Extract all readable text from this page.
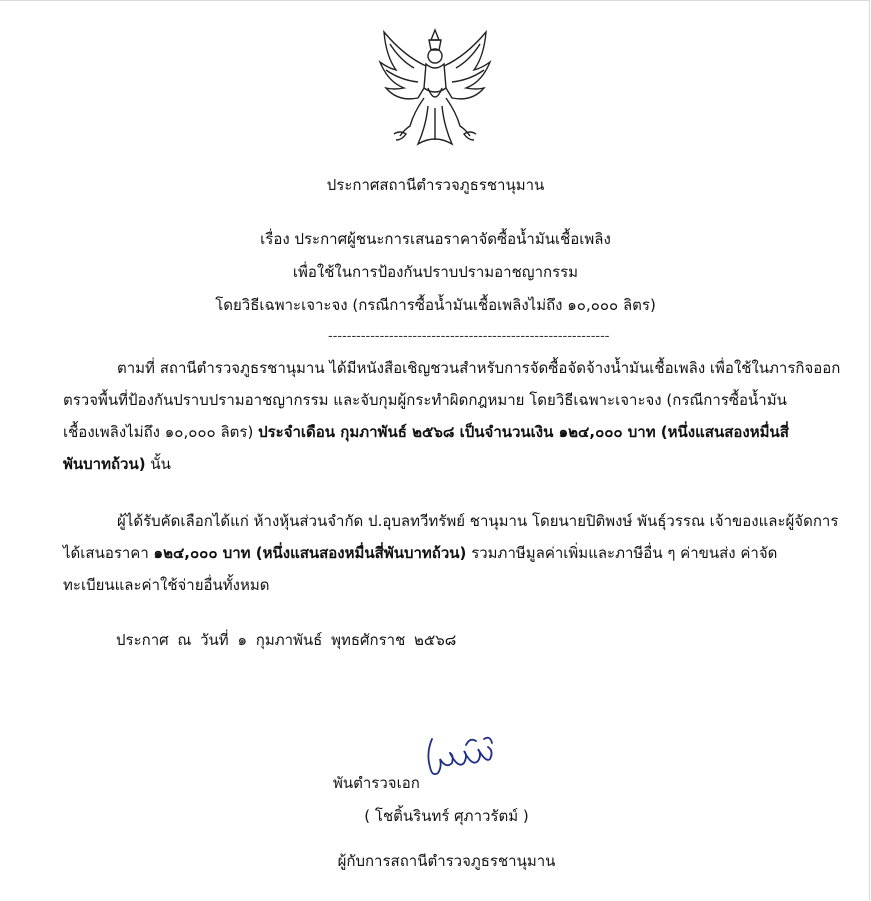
ประกาศสถานีตำรวจภูธรชานุมาน
เรื่อง ประกาศผู้ชนะการเสนอราคาจัดซื้อน้ำมันเชื้อเพลิง
เพื่อใช้ในการป้องกันปราบปรามอาชญากรรม
โดยวิธีเฉพาะเจาะจง (กรณีการซื้อน้ำมันเชื้อเพลิงไม่ถึง ๑๐,๐๐๐ ลิตร)
------------------------------------------------------------
ตามที่ สถานีตำรวจภูธรชานุมาน ได้มีหนังสือเชิญชวนสำหรับการจัดซื้อจัดจ้างน้ำมันเชื้อเพลิง เพื่อใช้ในภารกิจออก
ตรวจพื้นที่ป้องกันปราบปรามอาชญากรรม และจับกุมผู้กระทำผิดกฎหมาย โดยวิธีเฉพาะเจาะจง (กรณีการซื้อน้ำมัน
เชื้องเพลิงไม่ถึง ๑๐,๐๐๐ ลิตร) ประจำเดือน กุมภาพันธ์ ๒๕๖๘ เป็นจำนวนเงิน ๑๒๔,๐๐๐ บาท (หนึ่งแสนสองหมื่นสี่
พันบาทถ้วน) นั้น
ผู้ได้รับคัดเลือกได้แก่ ห้างหุ้นส่วนจำกัด ป.อุบลทวีทรัพย์ ชานุมาน โดยนายปิติพงษ์ พันธุ์วรรณ เจ้าของและผู้จัดการ
ได้เสนอราคา ๑๒๔,๐๐๐ บาท (หนึ่งแสนสองหมื่นสี่พันบาทถ้วน) รวมภาษีมูลค่าเพิ่มและภาษีอื่น ๆ ค่าขนส่ง ค่าจัด
ทะเบียนและค่าใช้จ่ายอื่นทั้งหมด
ประกาศ ณ วันที่ ๑ กุมภาพันธ์ พุทธศักราช ๒๕๖๘
พันตำรวจเอก
( โชติ้นรินทร์ ศุภาวรัตม์ )
ผู้กับการสถานีตำรวจภูธรชานุมาน
